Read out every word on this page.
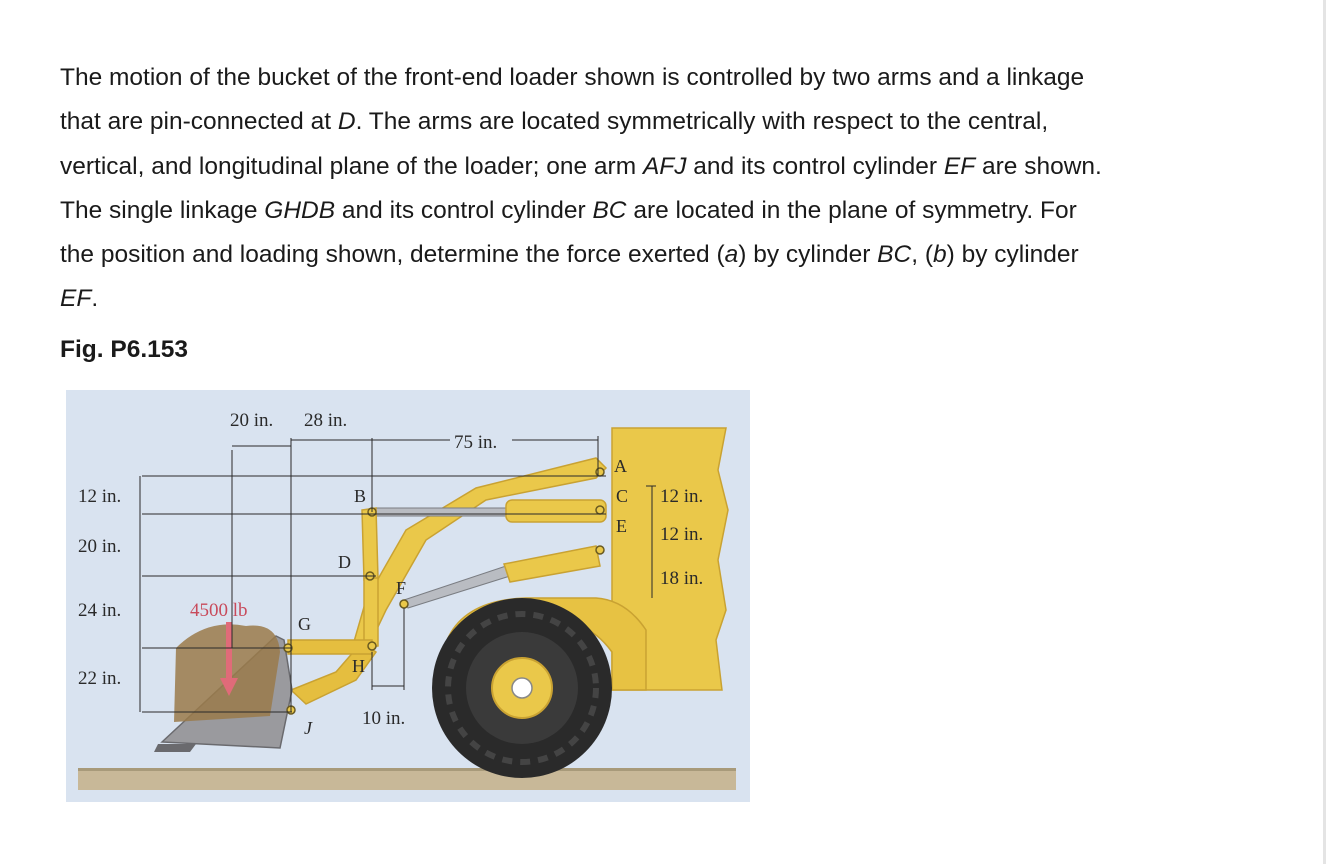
The motion of the bucket of the front-end loader shown is controlled by two arms and a linkage

that are pin-connected at D. The arms are located symmetrically with respect to the central,

vertical, and longitudinal plane of the loader; one arm AFJ and its control cylinder EF are shown.

The single linkage GHDB and its control cylinder BC are located in the plane of symmetry. For

the position and loading shown, determine the force exerted (a) by cylinder BC, (b) by cylinder

EF.

Fig. P6.153
20 in. 28 in.
75 in.
12 in.
20 in.
24 in.
22 in.
12 in.
12 in.
18 in.
10 in.
4500 lb
A
B	C
D
E
F
G
H
J
